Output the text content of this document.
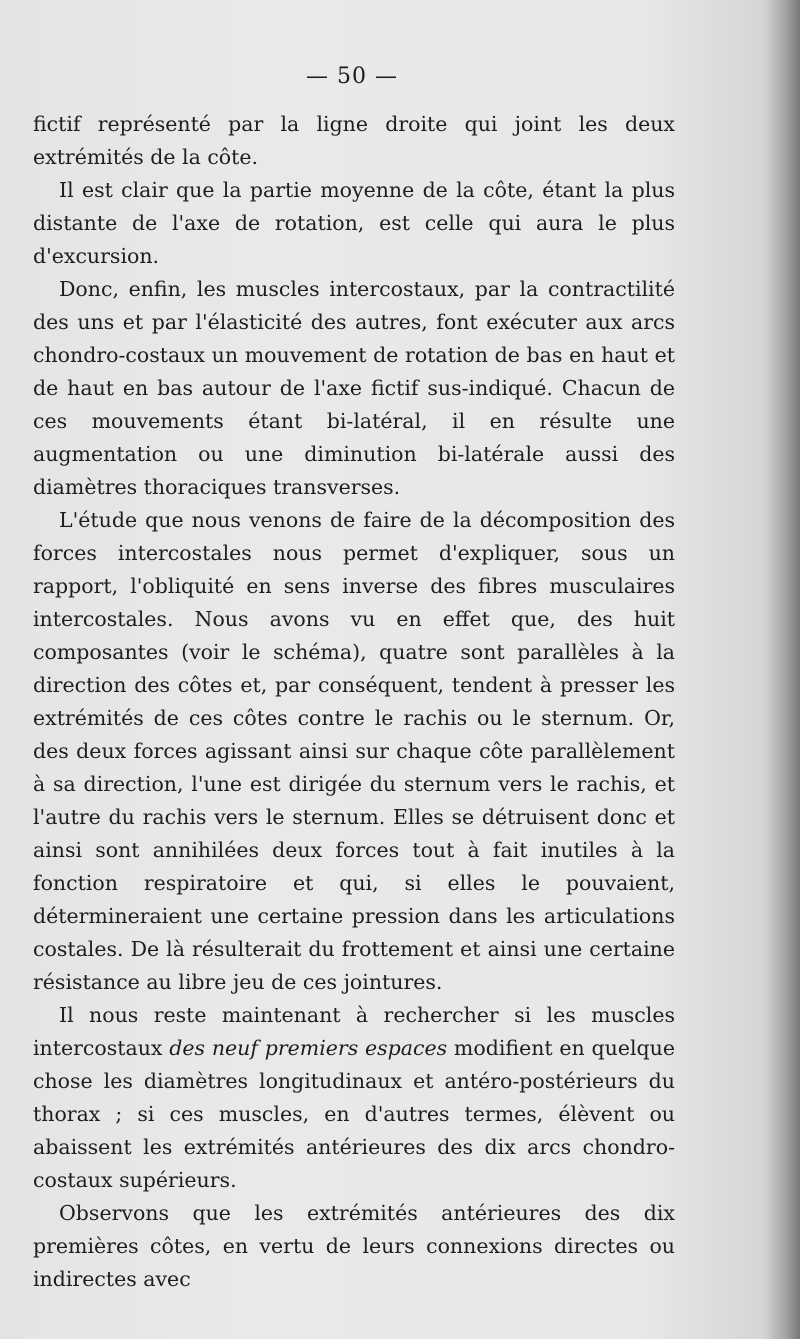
— 50 —

fictif représenté par la ligne droite qui joint les deux extrémités de la côte.

Il est clair que la partie moyenne de la côte, étant la plus distante de l'axe de rotation, est celle qui aura le plus d'excursion.

Donc, enfin, les muscles intercostaux, par la contractilité des uns et par l'élasticité des autres, font exécuter aux arcs chondro-costaux un mouvement de rotation de bas en haut et de haut en bas autour de l'axe fictif sus-indiqué. Chacun de ces mouvements étant bi-latéral, il en résulte une augmentation ou une diminution bi-latérale aussi des diamètres thoraciques transverses.

L'étude que nous venons de faire de la décomposition des forces intercostales nous permet d'expliquer, sous un rapport, l'obliquité en sens inverse des fibres musculaires intercostales. Nous avons vu en effet que, des huit composantes (voir le schéma), quatre sont parallèles à la direction des côtes et, par conséquent, tendent à presser les extrémités de ces côtes contre le rachis ou le sternum. Or, des deux forces agissant ainsi sur chaque côte parallèlement à sa direction, l'une est dirigée du sternum vers le rachis, et l'autre du rachis vers le sternum. Elles se détruisent donc et ainsi sont annihilées deux forces tout à fait inutiles à la fonction respiratoire et qui, si elles le pouvaient, détermineraient une certaine pression dans les articulations costales. De là résulterait du frottement et ainsi une certaine résistance au libre jeu de ces jointures.

Il nous reste maintenant à rechercher si les muscles intercostaux des neuf premiers espaces modifient en quelque chose les diamètres longitudinaux et antéro-postérieurs du thorax ; si ces muscles, en d'autres termes, élèvent ou abaissent les extrémités antérieures des dix arcs chondro-costaux supérieurs.

Observons que les extrémités antérieures des dix premières côtes, en vertu de leurs connexions directes ou indirectes avec
